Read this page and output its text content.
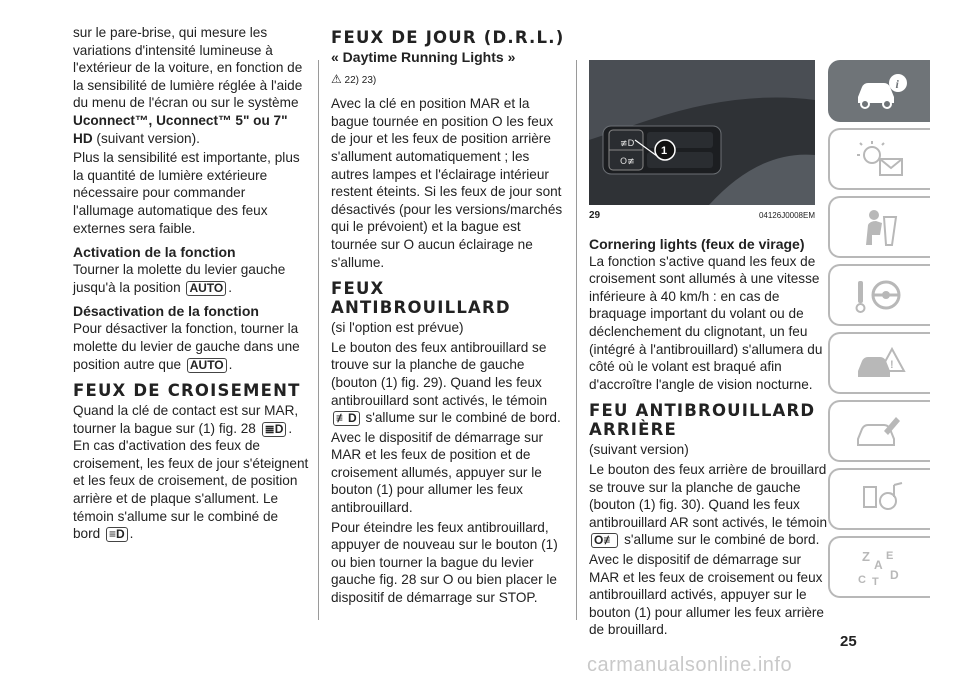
sur le pare-brise, qui mesure les variations d'intensité lumineuse à l'extérieur de la voiture, en fonction de la sensibilité de lumière réglée à l'aide du menu de l'écran ou sur le système Uconnect™, Uconnect™ 5" ou 7" HD (suivant version).

Plus la sensibilité est importante, plus la quantité de lumière extérieure nécessaire pour commander l'allumage automatique des feux externes sera faible.

Activation de la fonction

Tourner la molette du levier gauche jusqu'à la position AUTO .

Désactivation de la fonction

Pour désactiver la fonction, tourner la molette du levier de gauche dans une position autre que AUTO .

FEUX DE CROISEMENT

Quand la clé de contact est sur MAR, tourner la bague sur (1) fig. 28 ≣D . En cas d'activation des feux de croisement, les feux de jour s'éteignent et les feux de croisement, de position arrière et de plaque s'allument. Le témoin s'allume sur le combiné de bord ≡D .

FEUX DE JOUR (D.R.L.)
« Daytime Running Lights »
⚠ 22) 23)

Avec la clé en position MAR et la bague tournée en position O les feux de jour et les feux de position arrière s'allument automatiquement ; les autres lampes et l'éclairage intérieur restent éteints. Si les feux de jour sont désactivés (pour les versions/marchés qui le prévoient) et la bague est tournée sur O aucun éclairage ne s'allume.

FEUX ANTIBROUILLARD

(si l'option est prévue)

Le bouton des feux antibrouillard se trouve sur la planche de gauche (bouton (1) fig. 29). Quand les feux antibrouillard sont activés, le témoin ≢D s'allume sur le combiné de bord.

Avec le dispositif de démarrage sur MAR et les feux de position et de croisement allumés, appuyer sur le bouton (1) pour allumer les feux antibrouillard.

Pour éteindre les feux antibrouillard, appuyer de nouveau sur le bouton (1) ou bien tourner la bague du levier gauche fig. 28 sur O ou bien placer le dispositif de démarrage sur STOP.

≢D
O≢
1
29	04126J0008EM
Cornering lights (feux de virage)

La fonction s'active quand les feux de croisement sont allumés à une vitesse inférieure à 40 km/h : en cas de braquage important du volant ou de déclenchement du clignotant, un feu (intégré à l'antibrouillard) s'allumera du côté où le volant est braqué afin d'accroître l'angle de vision nocturne.

FEU ANTIBROUILLARD ARRIÈRE

(suivant version)

Le bouton des feux arrière de brouillard se trouve sur la planche de gauche (bouton (1) fig. 30). Quand les feux antibrouillard AR sont activés, le témoin O≢ s'allume sur le combiné de bord.

Avec le dispositif de démarrage sur MAR et les feux de croisement ou feux antibrouillard activés, appuyer sur le bouton (1) pour allumer les feux arrière de brouillard.

i
!
Z E
A
C T D
25
carmanualsonline.info
